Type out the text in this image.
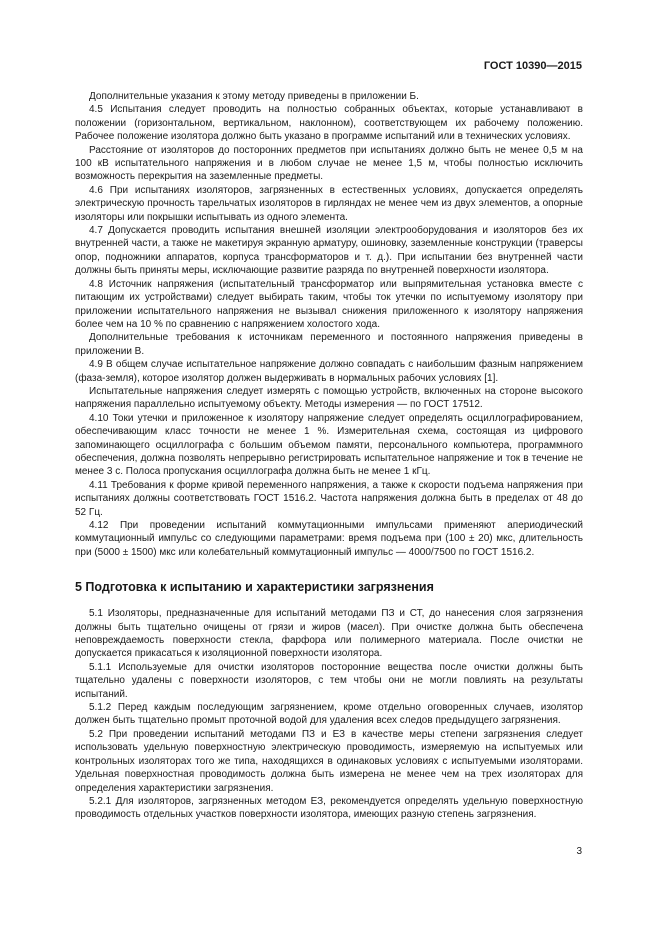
ГОСТ 10390—2015

Дополнительные указания к этому методу приведены в приложении Б.

4.5 Испытания следует проводить на полностью собранных объектах, которые устанавливают в положении (горизонтальном, вертикальном, наклонном), соответствующем их рабочему положению. Рабочее положение изолятора должно быть указано в программе испытаний или в технических условиях.

Расстояние от изоляторов до посторонних предметов при испытаниях должно быть не менее 0,5 м на 100 кВ испытательного напряжения и в любом случае не менее 1,5 м, чтобы полностью исключить возможность перекрытия на заземленные предметы.

4.6 При испытаниях изоляторов, загрязненных в естественных условиях, допускается определять электрическую прочность тарельчатых изоляторов в гирляндах не менее чем из двух элементов, а опорные изоляторы или покрышки испытывать из одного элемента.

4.7 Допускается проводить испытания внешней изоляции электрооборудования и изоляторов без их внутренней части, а также не макетируя экранную арматуру, ошиновку, заземленные конструкции (траверсы опор, подножники аппаратов, корпуса трансформаторов и т. д.). При испытании без внутренней части должны быть приняты меры, исключающие развитие разряда по внутренней поверхности изолятора.

4.8 Источник напряжения (испытательный трансформатор или выпрямительная установка вместе с питающим их устройствами) следует выбирать таким, чтобы ток утечки по испытуемому изолятору при приложении испытательного напряжения не вызывал снижения приложенного к изолятору напряжения более чем на 10 % по сравнению с напряжением холостого хода.

Дополнительные требования к источникам переменного и постоянного напряжения приведены в приложении В.

4.9 В общем случае испытательное напряжение должно совпадать с наибольшим фазным напряжением (фаза-земля), которое изолятор должен выдерживать в нормальных рабочих условиях [1].

Испытательные напряжения следует измерять с помощью устройств, включенных на стороне высокого напряжения параллельно испытуемому объекту. Методы измерения — по ГОСТ 17512.

4.10 Токи утечки и приложенное к изолятору напряжение следует определять осциллографированием, обеспечивающим класс точности не менее 1 %. Измерительная схема, состоящая из цифрового запоминающего осциллографа с большим объемом памяти, персонального компьютера, программного обеспечения, должна позволять непрерывно регистрировать испытательное напряжение и ток в течение не менее 3 с. Полоса пропускания осциллографа должна быть не менее 1 кГц.

4.11 Требования к форме кривой переменного напряжения, а также к скорости подъема напряжения при испытаниях должны соответствовать ГОСТ 1516.2. Частота напряжения должна быть в пределах от 48 до 52 Гц.

4.12 При проведении испытаний коммутационными импульсами применяют апериодический коммутационный импульс со следующими параметрами: время подъема при (100 ± 20) мкс, длительность при (5000 ± 1500) мкс или колебательный коммутационный импульс — 4000/7500 по ГОСТ 1516.2.

5 Подготовка к испытанию и характеристики загрязнения

5.1 Изоляторы, предназначенные для испытаний методами ПЗ и СТ, до нанесения слоя загрязнения должны быть тщательно очищены от грязи и жиров (масел). При очистке должна быть обеспечена неповреждаемость поверхности стекла, фарфора или полимерного материала. После очистки не допускается прикасаться к изоляционной поверхности изолятора.

5.1.1 Используемые для очистки изоляторов посторонние вещества после очистки должны быть тщательно удалены с поверхности изоляторов, с тем чтобы они не могли повлиять на результаты испытаний.

5.1.2 Перед каждым последующим загрязнением, кроме отдельно оговоренных случаев, изолятор должен быть тщательно промыт проточной водой для удаления всех следов предыдущего загрязнения.

5.2 При проведении испытаний методами ПЗ и ЕЗ в качестве меры степени загрязнения следует использовать удельную поверхностную электрическую проводимость, измеряемую на испытуемых или контрольных изоляторах того же типа, находящихся в одинаковых условиях с испытуемыми изоляторами. Удельная поверхностная проводимость должна быть измерена не менее чем на трех изоляторах для определения характеристики загрязнения.

5.2.1 Для изоляторов, загрязненных методом ЕЗ, рекомендуется определять удельную поверхностную проводимость отдельных участков поверхности изолятора, имеющих разную степень загрязнения.

3
